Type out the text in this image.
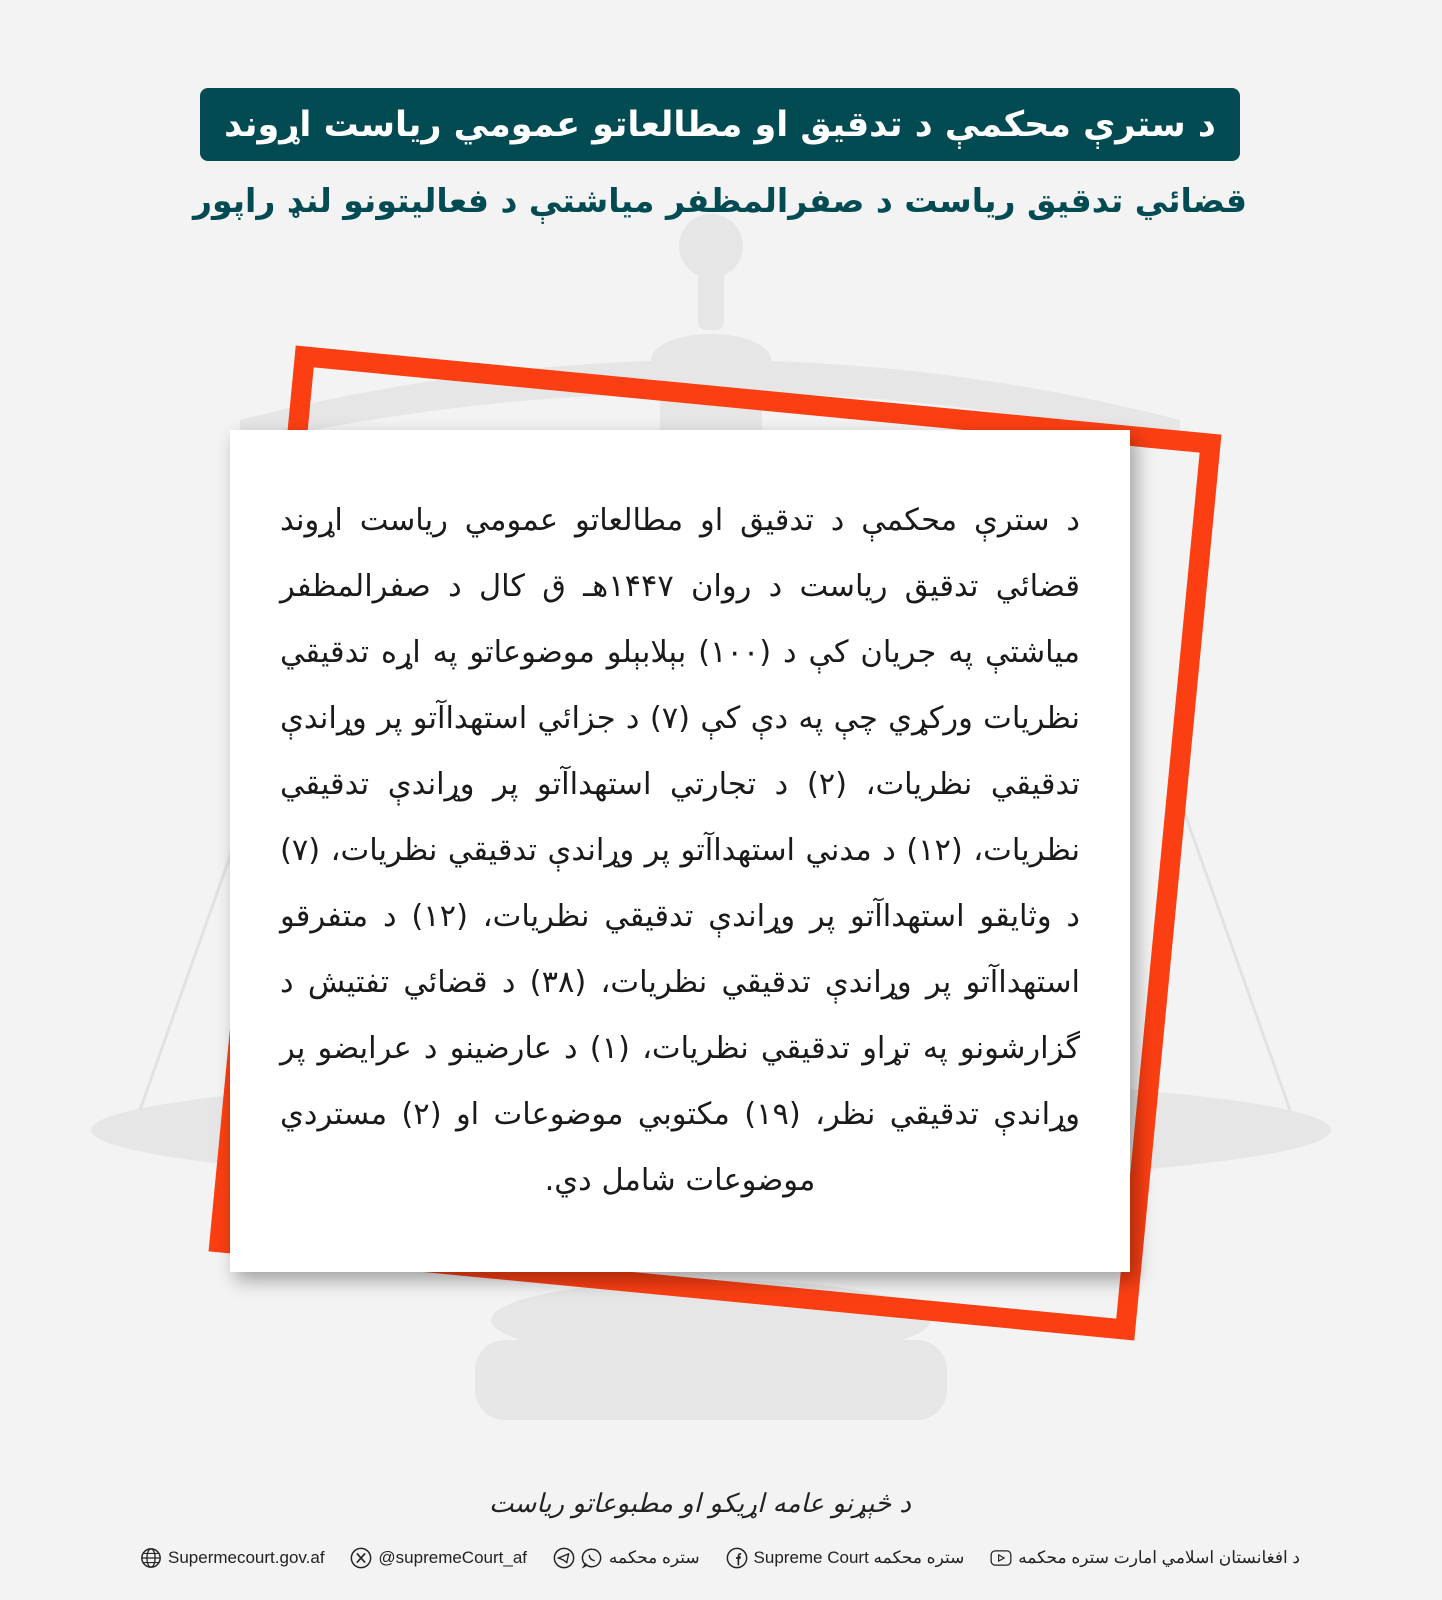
د سترې محکمې د تدقیق او مطالعاتو عمومي ریاست اړوند
قضائي تدقیق ریاست د صفرالمظفر میاشتې د فعالیتونو لنډ راپور

د سترې محکمې د تدقیق او مطالعاتو عمومي ریاست اړوند قضائي تدقیق ریاست د روان ۱۴۴۷هـ ق کال د صفرالمظفر میاشتې په جریان کې د (۱۰۰) بېلابېلو موضوعاتو په اړه تدقیقي نظریات ورکړي چې په دې کې (۷) د جزائي استهداآتو پر وړاندې تدقیقي نظریات، (۲) د تجارتي استهداآتو پر وړاندې تدقیقي نظریات، (۱۲) د مدني استهداآتو پر وړاندې تدقیقي نظریات، (۷) د وثایقو استهداآتو پر وړاندې تدقیقي نظریات، (۱۲) د متفرقو استهداآتو پر وړاندې تدقیقي نظریات، (۳۸) د قضائي تفتیش د گزارشونو په تړاو تدقیقي نظریات، (۱) د عارضینو د عرایضو پر وړاندې تدقیقي نظر، (۱۹) مکتوبي موضوعات او (۲) مستردي موضوعات شامل دي.

د څېړنو عامه اړیکو او مطبوعاتو ریاست
Supermecourt.gov.af	@supremeCourt_af	ستره محکمه	Supreme Court ستره محکمه	د افغانستان اسلامي امارت ستره محکمه
